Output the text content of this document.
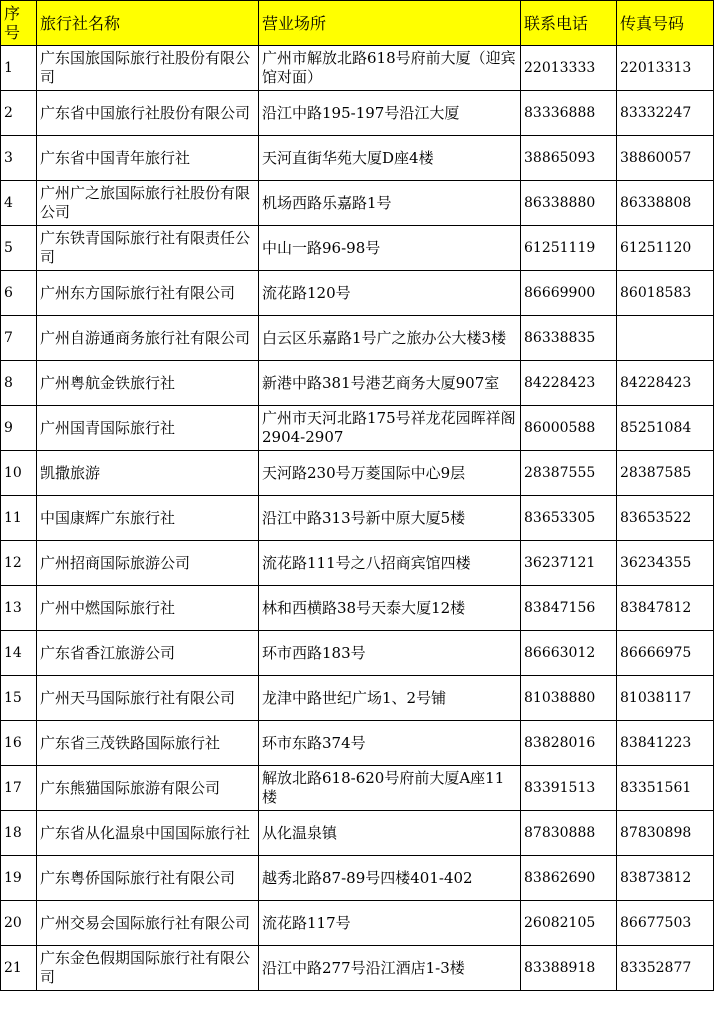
序号	旅行社名称	营业场所	联系电话	传真号码
1	广东国旅国际旅行社股份有限公司	广州市解放北路618号府前大厦（迎宾馆对面）	22013333	22013313
2	广东省中国旅行社股份有限公司	沿江中路195-197号沿江大厦	83336888	83332247
3	广东省中国青年旅行社	天河直街华苑大厦D座4楼	38865093	38860057
4	广州广之旅国际旅行社股份有限公司	机场西路乐嘉路1号	86338880	86338808
5	广东铁青国际旅行社有限责任公司	中山一路96-98号	61251119	61251120
6	广州东方国际旅行社有限公司	流花路120号	86669900	86018583
7	广州自游通商务旅行社有限公司	白云区乐嘉路1号广之旅办公大楼3楼	86338835	
8	广州粤航金铁旅行社	新港中路381号港艺商务大厦907室	84228423	84228423
9	广州国青国际旅行社	广州市天河北路175号祥龙花园晖祥阁2904-2907	86000588	85251084
10	凯撒旅游	天河路230号万菱国际中心9层	28387555	28387585
11	中国康辉广东旅行社	沿江中路313号新中原大厦5楼	83653305	83653522
12	广州招商国际旅游公司	流花路111号之八招商宾馆四楼	36237121	36234355
13	广州中燃国际旅行社	林和西横路38号天泰大厦12楼	83847156	83847812
14	广东省香江旅游公司	环市西路183号	86663012	86666975
15	广州天马国际旅行社有限公司	龙津中路世纪广场1、2号铺	81038880	81038117
16	广东省三茂铁路国际旅行社	环市东路374号	83828016	83841223
17	广东熊猫国际旅游有限公司	解放北路618-620号府前大厦A座11楼	83391513	83351561
18	广东省从化温泉中国国际旅行社	从化温泉镇	87830888	87830898
19	广东粤侨国际旅行社有限公司	越秀北路87-89号四楼401-402	83862690	83873812
20	广州交易会国际旅行社有限公司	流花路117号	26082105	86677503
21	广东金色假期国际旅行社有限公司	沿江中路277号沿江酒店1-3楼	83388918	83352877
